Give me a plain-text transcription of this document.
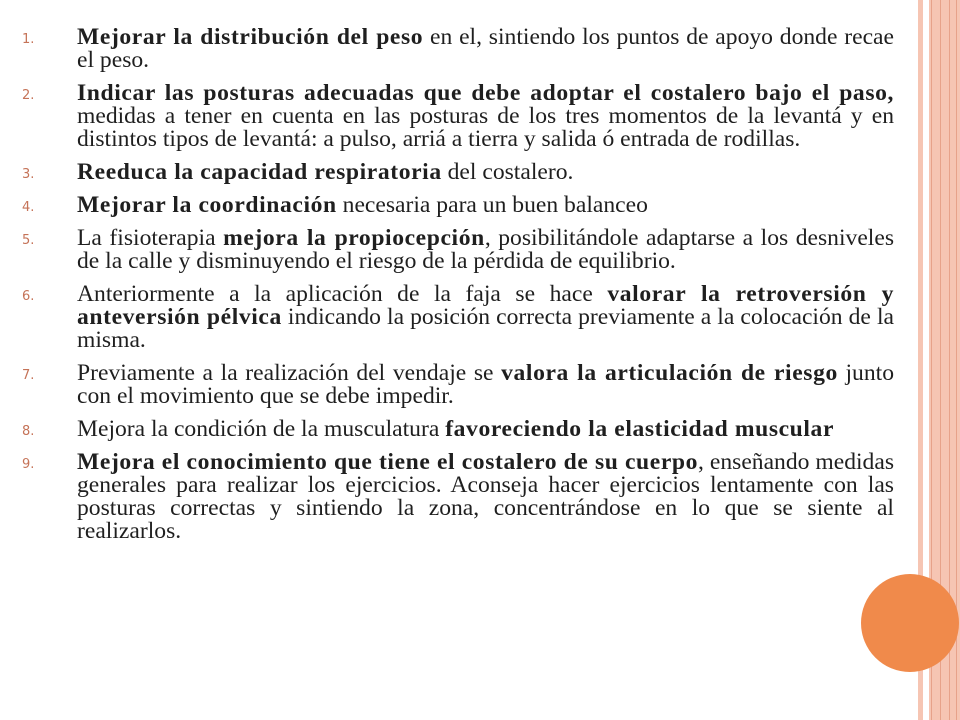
1.	Mejorar la distribución del peso en el, sintiendo los puntos de apoyo donde recae el peso.
2.	Indicar las posturas adecuadas que debe adoptar el costalero bajo el paso, medidas a tener en cuenta en las posturas de los tres momentos de la levantá y en distintos tipos de levantá: a pulso, arriá a tierra y salida ó entrada de rodillas.
3.	Reeduca la capacidad respiratoria del costalero.
4.	Mejorar la coordinación necesaria para un buen balanceo
5.	La fisioterapia mejora la propiocepción, posibilitándole adaptarse a los desniveles de la calle y disminuyendo el riesgo de la pérdida de equilibrio.
6.	Anteriormente a la aplicación de la faja se hace valorar la retroversión y anteversión pélvica indicando la posición correcta previamente a la colocación de la misma.
7.	Previamente a la realización del vendaje se valora la articulación de riesgo junto con el movimiento que se debe impedir.
8.	Mejora la condición de la musculatura favoreciendo la elasticidad muscular
9.	Mejora el conocimiento que tiene el costalero de su cuerpo, enseñando medidas generales para realizar los ejercicios. Aconseja hacer ejercicios lentamente con las posturas correctas y sintiendo la zona, concentrándose en lo que se siente al realizarlos.
